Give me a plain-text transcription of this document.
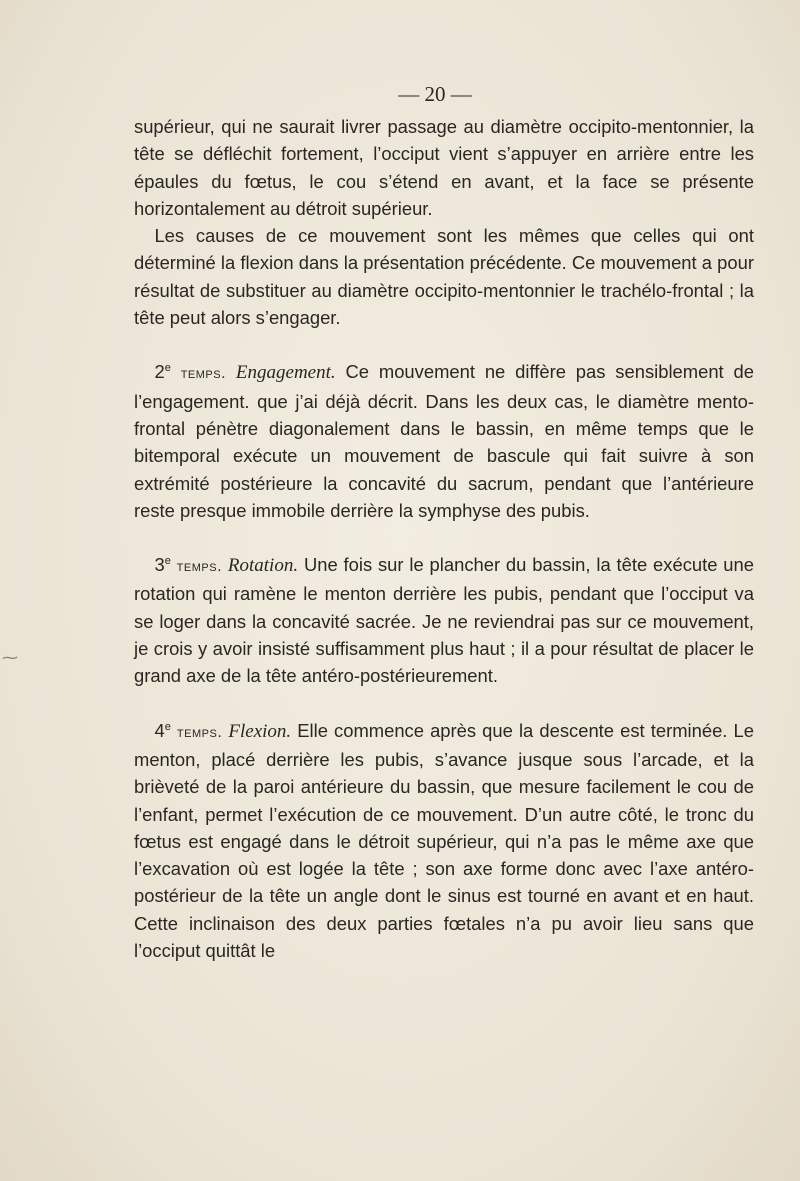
— 20 —

supérieur, qui ne saurait livrer passage au diamètre occipito-mentonnier, la tête se défléchit fortement, l’occiput vient s’appuyer en arrière entre les épaules du fœtus, le cou s’étend en avant, et la face se présente horizontalement au détroit supérieur.

Les causes de ce mouvement sont les mêmes que celles qui ont déterminé la flexion dans la présentation précédente. Ce mouvement a pour résultat de substituer au diamètre occipito-mentonnier le trachélo-frontal ; la tête peut alors s’engager.

2e temps. Engagement. Ce mouvement ne diffère pas sensiblement de l’engagement. que j’ai déjà décrit. Dans les deux cas, le diamètre mento-frontal pénètre diagonalement dans le bassin, en même temps que le bitemporal exécute un mouvement de bascule qui fait suivre à son extrémité postérieure la concavité du sacrum, pendant que l’antérieure reste presque immobile derrière la symphyse des pubis.

3e temps. Rotation. Une fois sur le plancher du bassin, la tête exécute une rotation qui ramène le menton derrière les pubis, pendant que l’occiput va se loger dans la concavité sacrée. Je ne reviendrai pas sur ce mouvement, je crois y avoir insisté suffisamment plus haut ; il a pour résultat de placer le grand axe de la tête antéro-postérieurement.

4e temps. Flexion. Elle commence après que la descente est terminée. Le menton, placé derrière les pubis, s’avance jusque sous l’arcade, et la brièveté de la paroi antérieure du bassin, que mesure facilement le cou de l’enfant, permet l’exécution de ce mouvement. D’un autre côté, le tronc du fœtus est engagé dans le détroit supérieur, qui n’a pas le même axe que l’excavation où est logée la tête ; son axe forme donc avec l’axe antéro-postérieur de la tête un angle dont le sinus est tourné en avant et en haut. Cette inclinaison des deux parties fœtales n’a pu avoir lieu sans que l’occiput quittât le

⁓
